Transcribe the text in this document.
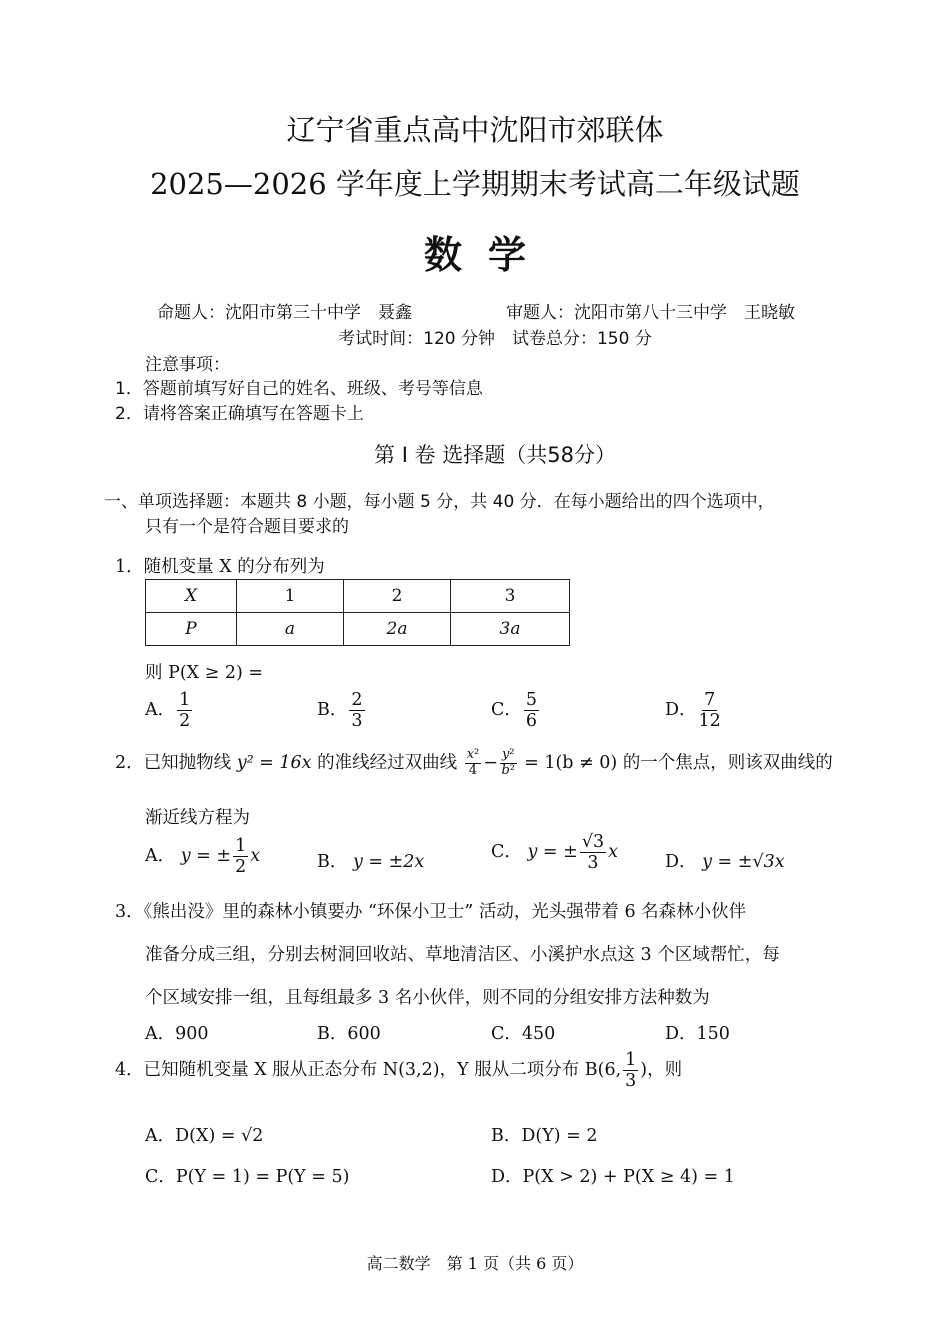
辽宁省重点高中沈阳市郊联体
2025—2026 学年度上学期期末考试高二年级试题
数学
命题人：沈阳市第三十中学　聂鑫	审题人：沈阳市第八十三中学　王晓敏
考试时间：120 分钟　试卷总分：150 分
注意事项：
1．答题前填写好自己的姓名、班级、考号等信息
2．请将答案正确填写在答题卡上
第 I 卷 选择题（共58分）
一、单项选择题：本题共 8 小题，每小题 5 分，共 40 分．在每小题给出的四个选项中，
只有一个是符合题目要求的
1．随机变量 X 的分布列为
X	1	2	3
P	a	2a	3a
则 P(X ≥ 2) =
A． $\frac{1}{2}$	B． $\frac{2}{3}$	C． $\frac{5}{6}$	D． $\frac{7}{12}$
2．已知抛物线 y² = 16x 的准线经过双曲线 $\frac{\text{x²}}{4} - \frac{\text{y²}}{\text{b²}} = 1(b \ne 0)$ 的一个焦点，则该双曲线的
渐近线方程为
A． y = ± $\frac{1}{2}$ x	B． y = ±2x	C． y = ± $\frac{√3}{3}$ x	D． y = ±√3x
3．《熊出没》里的森林小镇要办 “环保小卫士” 活动，光头强带着 6 名森林小伙伴
准备分成三组，分别去树洞回收站、草地清洁区、小溪护水点这 3 个区域帮忙，每
个区域安排一组，且每组最多 3 名小伙伴，则不同的分组安排方法种数为
A．900	B．600	C．450	D．150
4．已知随机变量 X 服从正态分布 N(3,2)，Y 服从二项分布 B(6, $\frac{1}{3}$ )，则
A．D(X) = √2	B．D(Y) = 2
C．P(Y = 1) = P(Y = 5)	D．P(X > 2) + P(X ≥ 4) = 1
高二数学　第 1 页（共 6 页）
